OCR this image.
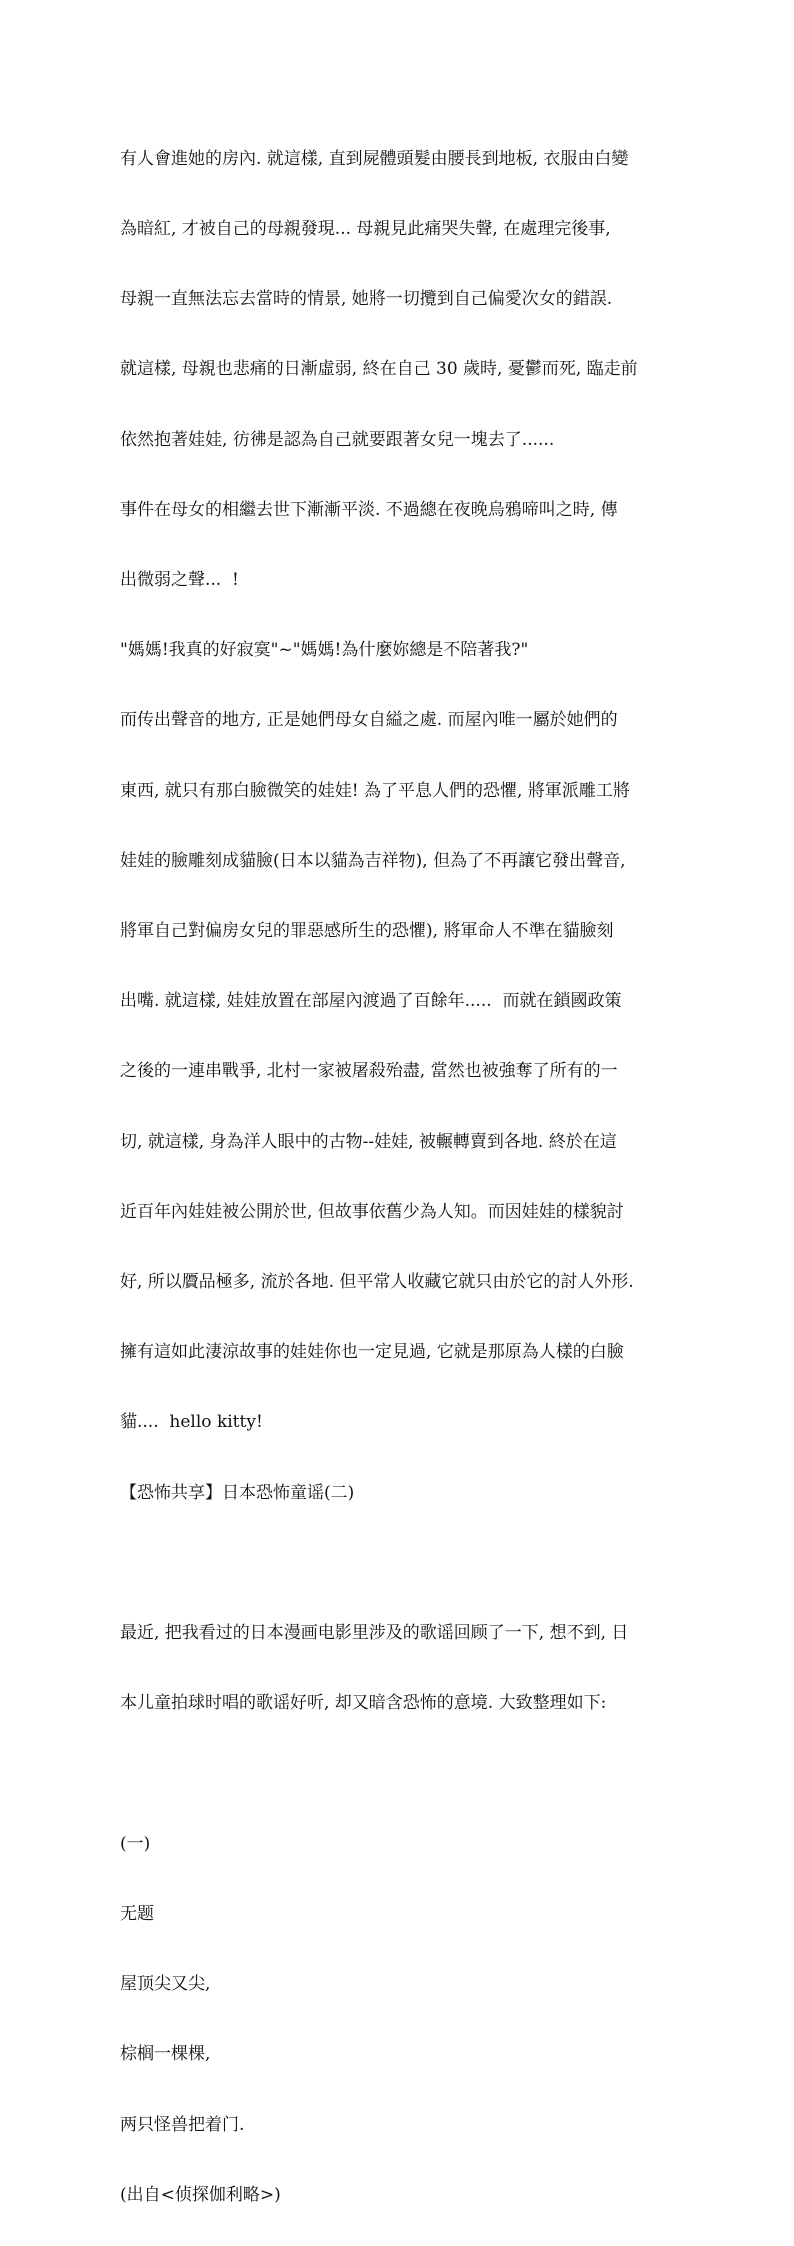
有人會進她的房內. 就這樣, 直到屍體頭髮由腰長到地板, 衣服由白變

為暗紅, 才被自己的母親發現... 母親見此痛哭失聲, 在處理完後事,

母親一直無法忘去當時的情景, 她將一切攬到自己偏愛次女的錯誤.

就這樣, 母親也悲痛的日漸虛弱, 終在自己 30 歲時, 憂鬱而死, 臨走前

依然抱著娃娃, 彷彿是認為自己就要跟著女兒一塊去了......

事件在母女的相繼去世下漸漸平淡. 不過總在夜晚烏鴉啼叫之時, 傳

出微弱之聲...  !

"媽媽!我真的好寂寞"~"媽媽!為什麼妳總是不陪著我?"

而传出聲音的地方, 正是她們母女自縊之處. 而屋內唯一屬於她們的

東西, 就只有那白臉微笑的娃娃! 為了平息人們的恐懼, 將軍派雕工將

娃娃的臉雕刻成貓臉(日本以貓為吉祥物), 但為了不再讓它發出聲音,

將軍自己對偏房女兒的罪惡感所生的恐懼), 將軍命人不準在貓臉刻

出嘴. 就這樣, 娃娃放置在部屋內渡過了百餘年.....  而就在鎖國政策

之後的一連串戰爭, 北村一家被屠殺殆盡, 當然也被強奪了所有的一

切, 就這樣, 身為洋人眼中的古物--娃娃, 被輾轉賣到各地. 終於在這

近百年內娃娃被公開於世, 但故事依舊少為人知。而因娃娃的樣貌討

好, 所以贗品極多, 流於各地. 但平常人收藏它就只由於它的討人外形.

擁有這如此淒涼故事的娃娃你也一定見過, 它就是那原為人樣的白臉

貓....  hello kitty!

【恐怖共享】日本恐怖童谣(二)

最近, 把我看过的日本漫画电影里涉及的歌谣回顾了一下, 想不到, 日

本儿童拍球时唱的歌谣好听, 却又暗含恐怖的意境. 大致整理如下:

(一)

无题

屋顶尖又尖,

棕榈一棵棵,

两只怪兽把着门.

(出自<侦探伽利略>)
